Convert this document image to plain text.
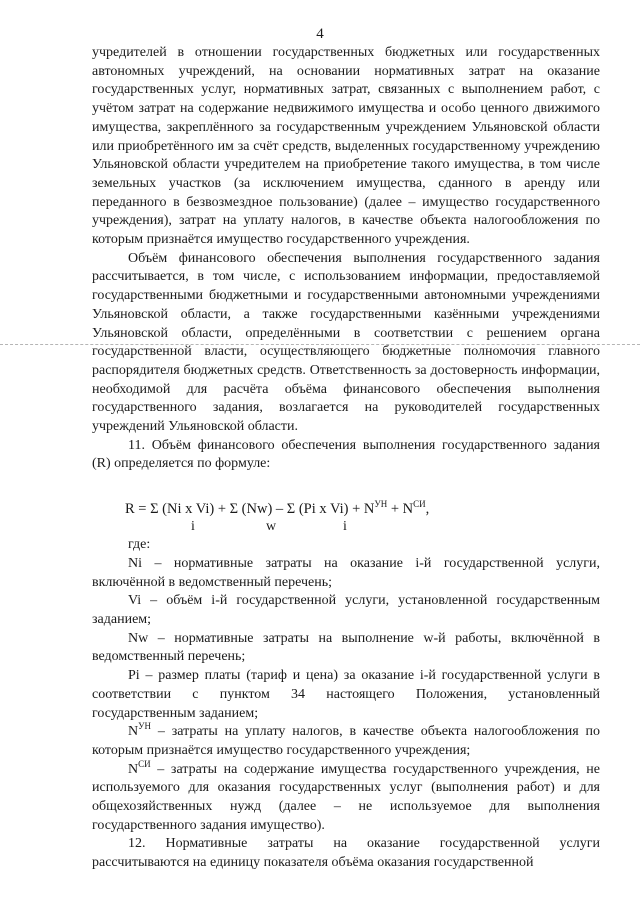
4

учредителей в отношении государственных бюджетных или государственных автономных учреждений, на основании нормативных затрат на оказание государственных услуг, нормативных затрат, связанных с выполнением работ, с учётом затрат на содержание недвижимого имущества и особо ценного движимого имущества, закреплённого за государственным учреждением Ульяновской области или приобретённого им за счёт средств, выделенных государственному учреждению Ульяновской области учредителем на приобретение такого имущества, в том числе земельных участков (за исключением имущества, сданного в аренду или переданного в безвозмездное пользование) (далее – имущество государственного учреждения), затрат на уплату налогов, в качестве объекта налогообложения по которым признаётся имущество государственного учреждения.

Объём финансового обеспечения выполнения государственного задания рассчитывается, в том числе, с использованием информации, предоставляемой государственными бюджетными и государственными автономными учреждениями Ульяновской области, а также государственными казёнными учреждениями Ульяновской области, определёнными в соответствии с решением органа государственной власти, осуществляющего бюджетные полномочия главного распорядителя бюджетных средств. Ответственность за достоверность информации, необходимой для расчёта объёма финансового обеспечения выполнения государственного задания, возлагается на руководителей государственных учреждений Ульяновской области.

11. Объём финансового обеспечения выполнения государственного задания (R) определяется по формуле:

R = Σ (Ni x Vi) + Σ (Nw) – Σ (Pi x $Vi) + N^{УН} + N^{СИ}$,
i	w	i

где:

Ni – нормативные затраты на оказание i-й государственной услуги, включённой в ведомственный перечень;

Vi – объём i-й государственной услуги, установленной государственным заданием;

Nw – нормативные затраты на выполнение w-й работы, включённой в ведомственный перечень;

Pi – размер платы (тариф и цена) за оказание i-й государственной услуги в соответствии с пунктом 34 настоящего Положения, установленный государственным заданием;

$N^{УН}$ – затраты на уплату налогов, в качестве объекта налогообложения по которым признаётся имущество государственного учреждения;

$N^{СИ}$ – затраты на содержание имущества государственного учреждения, не используемого для оказания государственных услуг (выполнения работ) и для общехозяйственных нужд (далее – не используемое для выполнения государственного задания имущество).

12. Нормативные затраты на оказание государственной услуги рассчитываются на единицу показателя объёма оказания государственной
